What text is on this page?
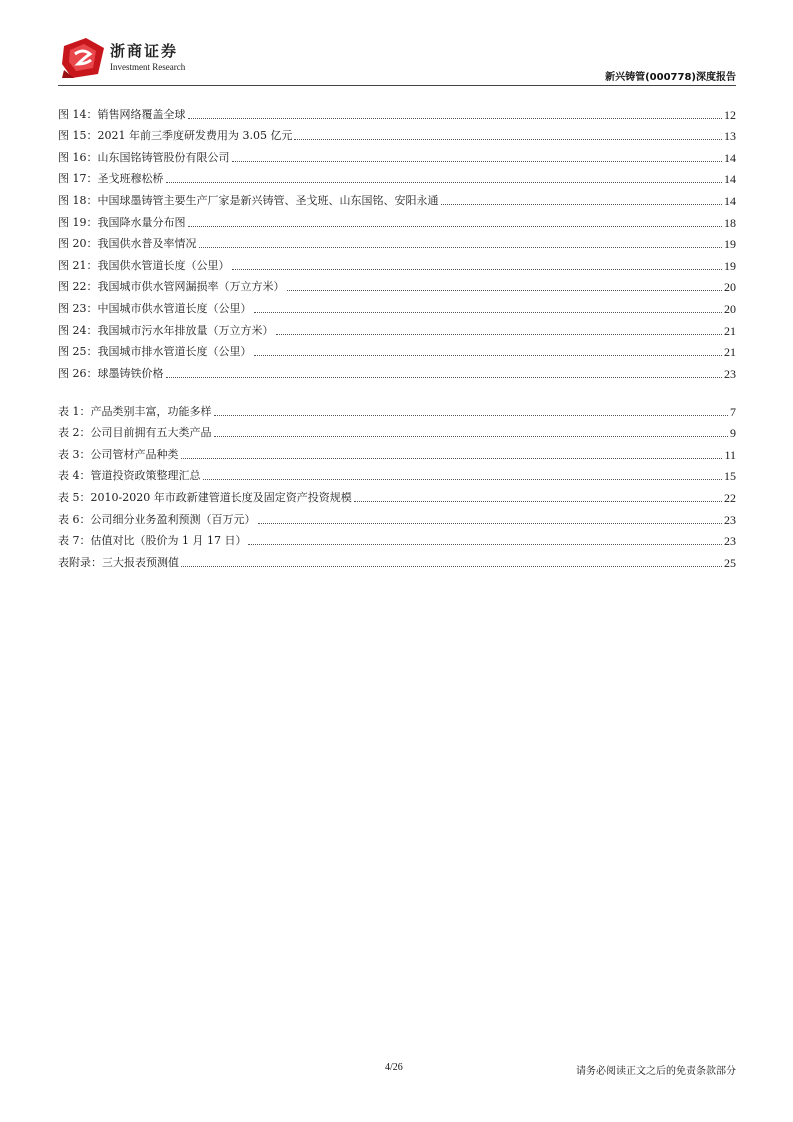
浙商证券
Investment Research
新兴铸管(000778)深度报告
图 14：销售网络覆盖全球	12
图 15：2021 年前三季度研发费用为 3.05 亿元	13
图 16：山东国铭铸管股份有限公司	14
图 17：圣戈班穆松桥	14
图 18：中国球墨铸管主要生产厂家是新兴铸管、圣戈班、山东国铭、安阳永通	14
图 19：我国降水量分布图	18
图 20：我国供水普及率情况	19
图 21：我国供水管道长度（公里）	19
图 22：我国城市供水管网漏损率（万立方米）	20
图 23：中国城市供水管道长度（公里）	20
图 24：我国城市污水年排放量（万立方米）	21
图 25：我国城市排水管道长度（公里）	21
图 26：球墨铸铁价格	23
表 1：产品类别丰富，功能多样	7
表 2：公司目前拥有五大类产品	9
表 3：公司管材产品种类	11
表 4：管道投资政策整理汇总	15
表 5：2010-2020 年市政新建管道长度及固定资产投资规模	22
表 6：公司细分业务盈利预测（百万元）	23
表 7：估值对比（股价为 1 月 17 日）	23
表附录：三大报表预测值	25
4/26	请务必阅读正文之后的免责条款部分
